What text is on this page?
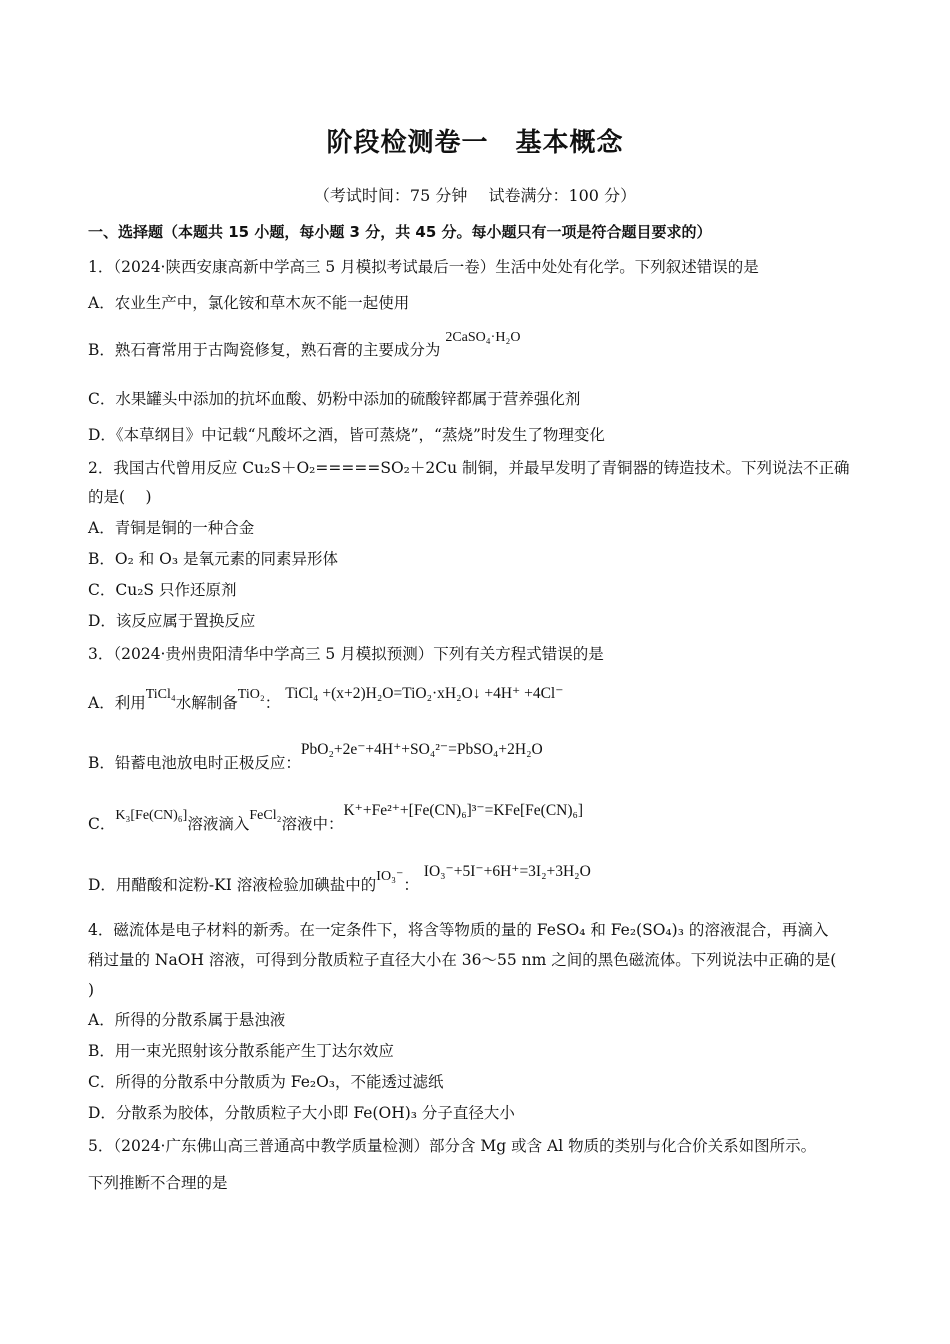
阶段检测卷一　基本概念
（考试时间：75 分钟　 试卷满分：100 分）
一、选择题（本题共 15 小题，每小题 3 分，共 45 分。每小题只有一项是符合题目要求的）
1．（2024·陕西安康高新中学高三 5 月模拟考试最后一卷）生活中处处有化学。下列叙述错误的是
A．农业生产中，氯化铵和草木灰不能一起使用
B．熟石膏常用于古陶瓷修复，熟石膏的主要成分为 2CaSO₄·H₂O
C．水果罐头中添加的抗坏血酸、奶粉中添加的硫酸锌都属于营养强化剂
D．《本草纲目》中记载“凡酸坏之酒，皆可蒸烧”，“蒸烧”时发生了物理变化
2．我国古代曾用反应 Cu₂S＋O₂=====SO₂＋2Cu 制铜，并最早发明了青铜器的铸造技术。下列说法不正确
的是(　 )
A．青铜是铜的一种合金
B．O₂ 和 O₃ 是氧元素的同素异形体
C．Cu₂S 只作还原剂
D．该反应属于置换反应
3．（2024·贵州贵阳清华中学高三 5 月模拟预测）下列有关方程式错误的是
A．利用TiCl₄水解制备TiO₂： TiCl₄ +(x+2)H₂O=TiO₂·xH₂O↓ +4H⁺ +4Cl⁻
B．铅蓄电池放电时正极反应：PbO₂+2e⁻+4H⁺+SO₄²⁻=PbSO₄+2H₂O
C．K₃[Fe(CN)₆]溶液滴入FeCl₂溶液中：K⁺+Fe²⁺+[Fe(CN)₆]³⁻=KFe[Fe(CN)₆]
D．用醋酸和淀粉-KI 溶液检验加碘盐中的IO₃⁻： IO₃⁻+5I⁻+6H⁺=3I₂+3H₂O
4．磁流体是电子材料的新秀。在一定条件下，将含等物质的量的 FeSO₄ 和 Fe₂(SO₄)₃ 的溶液混合，再滴入
稍过量的 NaOH 溶液，可得到分散质粒子直径大小在 36～55 nm 之间的黑色磁流体。下列说法中正确的是(
)
A．所得的分散系属于悬浊液
B．用一束光照射该分散系能产生丁达尔效应
C．所得的分散系中分散质为 Fe₂O₃，不能透过滤纸
D．分散系为胶体，分散质粒子大小即 Fe(OH)₃ 分子直径大小
5．（2024·广东佛山高三普通高中教学质量检测）部分含 Mg 或含 Al 物质的类别与化合价关系如图所示。
下列推断不合理的是
